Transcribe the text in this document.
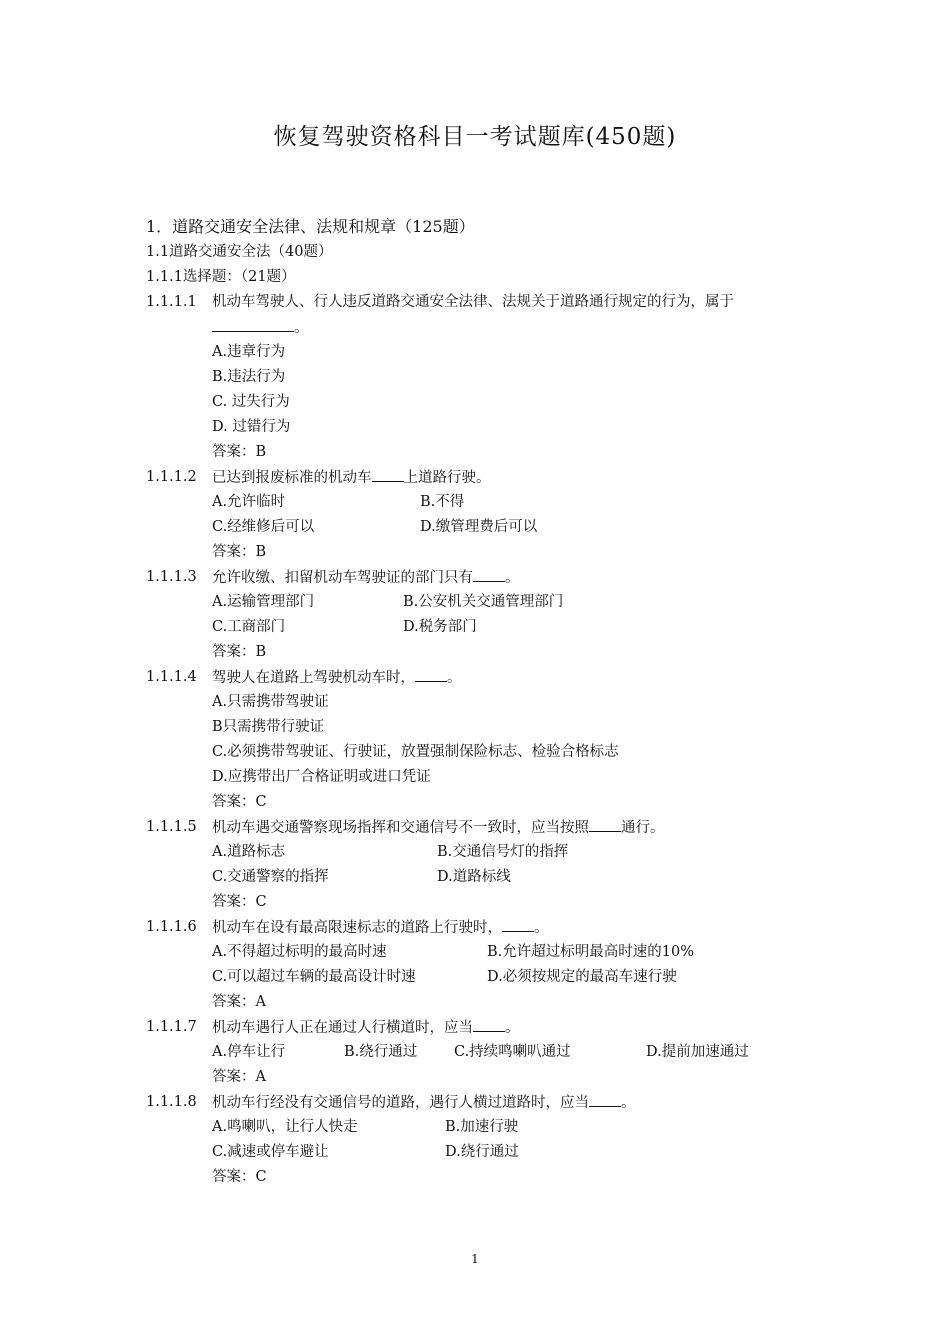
恢复驾驶资格科目一考试题库(450题)
1．道路交通安全法律、法规和规章（125题）
1.1道路交通安全法（40题）
1.1.1选择题：（21题）
1.1.1.1 机动车驾驶人、行人违反道路交通安全法律、法规关于道路通行规定的行为，属于
。
A.违章行为
B.违法行为
C. 过失行为
D. 过错行为
答案：B
1.1.1.2 已达到报废标准的机动车 上道路行驶。
A.允许临时	B.不得
C.经维修后可以	D.缴管理费后可以
答案：B
1.1.1.3 允许收缴、扣留机动车驾驶证的部门只有 。
A.运输管理部门	B.公安机关交通管理部门
C.工商部门	D.税务部门
答案：B
1.1.1.4 驾驶人在道路上驾驶机动车时， 。
A.只需携带驾驶证
B只需携带行驶证
C.必须携带驾驶证、行驶证，放置强制保险标志、检验合格标志
D.应携带出厂合格证明或进口凭证
答案：C
1.1.1.5 机动车遇交通警察现场指挥和交通信号不一致时，应当按照 通行。
A.道路标志	B.交通信号灯的指挥
C.交通警察的指挥	D.道路标线
答案：C
1.1.1.6 机动车在设有最高限速标志的道路上行驶时， 。
A.不得超过标明的最高时速	B.允许超过标明最高时速的10%
C.可以超过车辆的最高设计时速	D.必须按规定的最高车速行驶
答案：A
1.1.1.7 机动车遇行人正在通过人行横道时，应当 。
A.停车让行	B.绕行通过	C.持续鸣喇叭通过	D.提前加速通过
答案：A
1.1.1.8 机动车行经没有交通信号的道路，遇行人横过道路时，应当 。
A.鸣喇叭，让行人快走	B.加速行驶
C.减速或停车避让	D.绕行通过
答案：C
1
